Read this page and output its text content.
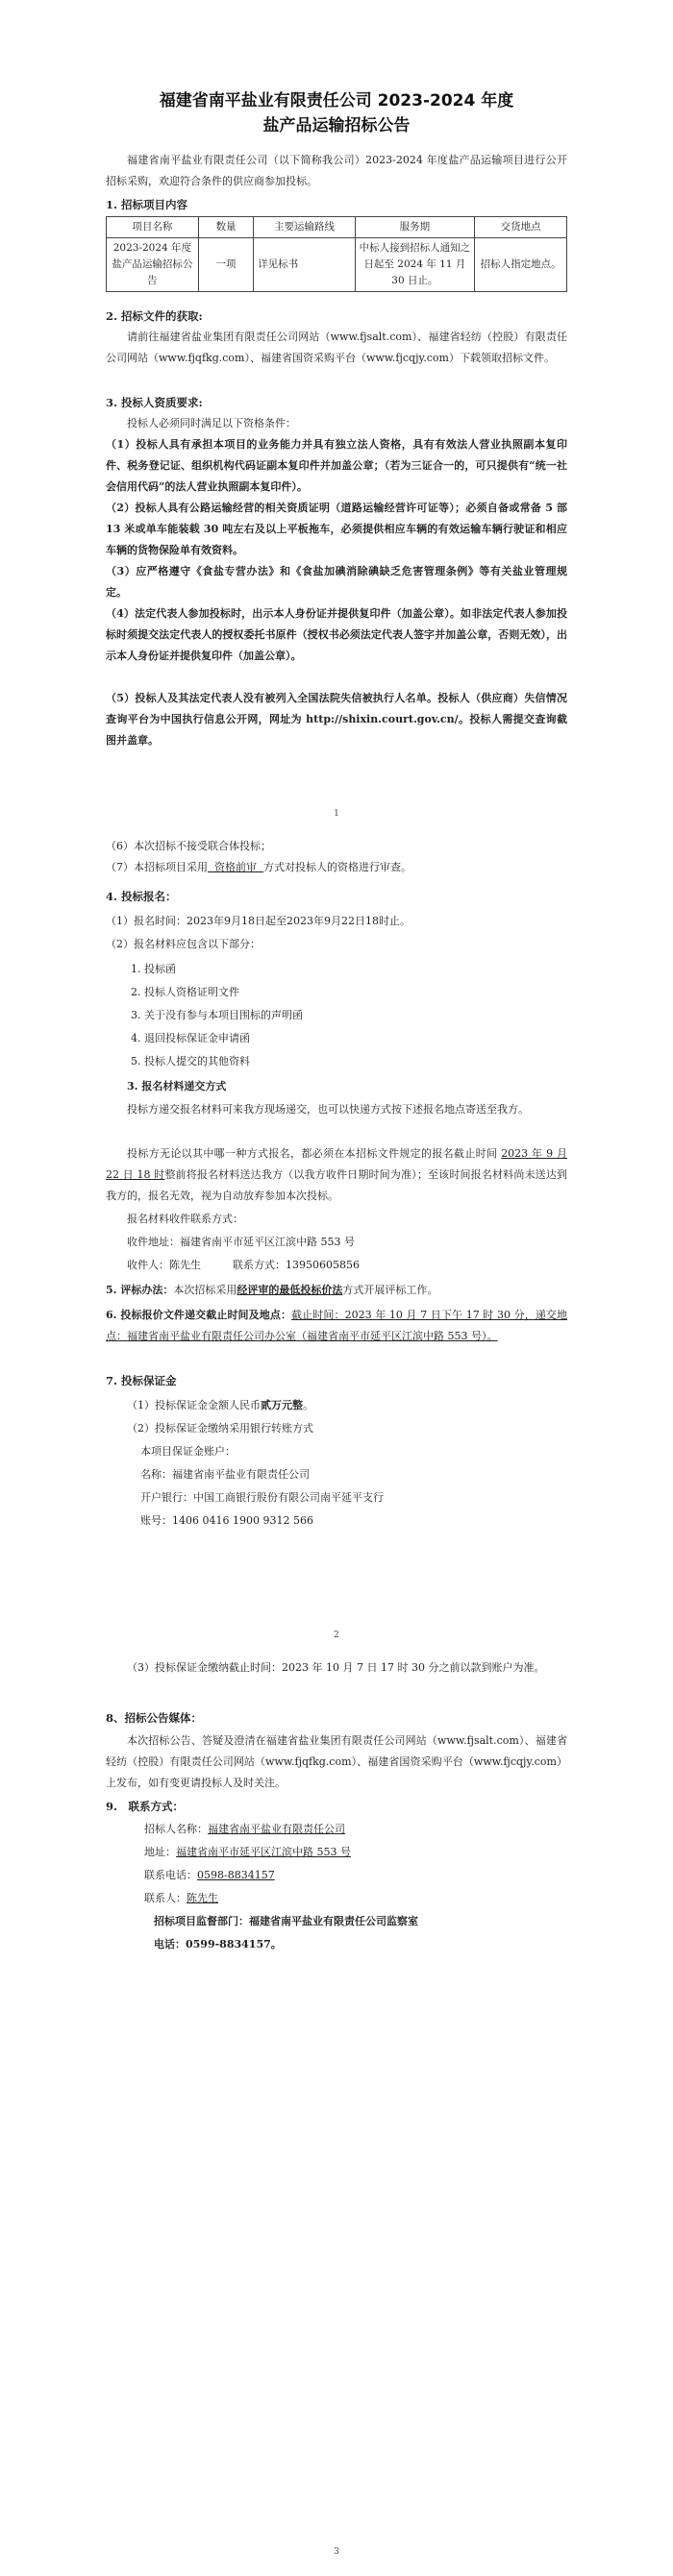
福建省南平盐业有限责任公司 2023-2024 年度
盐产品运输招标公告
福建省南平盐业有限责任公司（以下简称我公司）2023-2024 年度盐产品运输项目进行公开招标采购，欢迎符合条件的供应商参加投标。
1. 招标项目内容
项目名称	数量	主要运输路线	服务期	交货地点
2023-2024 年度盐产品运输招标公告	一项	详见标书	中标人接到招标人通知之日起至 2024 年 11 月 30 日止。	招标人指定地点。
2. 招标文件的获取:
请前往福建省盐业集团有限责任公司网站（www.fjsalt.com）、福建省轻纺（控股）有限责任公司网站（www.fjqfkg.com）、福建省国资采购平台（www.fjcqjy.com）下载领取招标文件。
3. 投标人资质要求:
投标人必须同时满足以下资格条件：
（1）投标人具有承担本项目的业务能力并具有独立法人资格，具有有效法人营业执照副本复印件、税务登记证、组织机构代码证副本复印件并加盖公章；（若为三证合一的，可只提供有“统一社会信用代码”的法人营业执照副本复印件）。
（2）投标人具有公路运输经营的相关资质证明（道路运输经营许可证等）；必须自备或常备 5 部 13 米或单车能装载 30 吨左右及以上平板拖车，必须提供相应车辆的有效运输车辆行驶证和相应车辆的货物保险单有效资料。
（3）应严格遵守《食盐专营办法》和《食盐加碘消除碘缺乏危害管理条例》等有关盐业管理规定。
（4）法定代表人参加投标时，出示本人身份证并提供复印件（加盖公章）。如非法定代表人参加投标时须提交法定代表人的授权委托书原件（授权书必须法定代表人签字并加盖公章，否则无效），出示本人身份证并提供复印件（加盖公章）。
（5）投标人及其法定代表人没有被列入全国法院失信被执行人名单。投标人（供应商）失信情况查询平台为中国执行信息公开网，网址为 http://shixin.court.gov.cn/。投标人需提交查询截图并盖章。
1
（6）本次招标不接受联合体投标；
（7）本招标项目采用  资格前审  方式对投标人的资格进行审查。
4. 投标报名：
（1）报名时间：2023年9月18日起至2023年9月22日18时止。
（2）报名材料应包含以下部分：
1. 投标函
2. 投标人资格证明文件
3. 关于没有参与本项目围标的声明函
4. 退回投标保证金申请函
5. 投标人提交的其他资料
3. 报名材料递交方式
投标方递交报名材料可来我方现场递交，也可以快递方式按下述报名地点寄送至我方。
投标方无论以其中哪一种方式报名，都必须在本招标文件规定的报名截止时间 2023 年 9 月 22 日 18 时整前将报名材料送达我方（以我方收件日期时间为准）；至该时间报名材料尚未送达到我方的，报名无效，视为自动放弃参加本次投标。
报名材料收件联系方式：
收件地址：福建省南平市延平区江滨中路 553 号
收件人：陈先生　　　联系方式：13950605856
5. 评标办法：本次招标采用经评审的最低投标价法方式开展评标工作。
6. 投标报价文件递交截止时间及地点：截止时间：2023 年 10 月 7 日下午 17 时 30 分，递交地点：福建省南平盐业有限责任公司办公室（福建省南平市延平区江滨中路 553 号）。
7. 投标保证金
（1）投标保证金金额人民币贰万元整。
（2）投标保证金缴纳采用银行转账方式
本项目保证金账户：
名称：福建省南平盐业有限责任公司
开户银行：中国工商银行股份有限公司南平延平支行
账号：1406 0416 1900 9312 566
2
（3）投标保证金缴纳截止时间：2023 年 10 月 7 日 17 时 30 分之前以款到账户为准。
8、招标公告媒体：
本次招标公告、答疑及澄清在福建省盐业集团有限责任公司网站（www.fjsalt.com）、福建省轻纺（控股）有限责任公司网站（www.fjqfkg.com）、福建省国资采购平台（www.fjcqjy.com）上发布，如有变更请投标人及时关注。
9.　联系方式：
招标人名称：福建省南平盐业有限责任公司
地址：福建省南平市延平区江滨中路 553 号
联系电话：0598-8834157
联系人：陈先生
招标项目监督部门：福建省南平盐业有限责任公司监察室
电话：0599-8834157。
3
